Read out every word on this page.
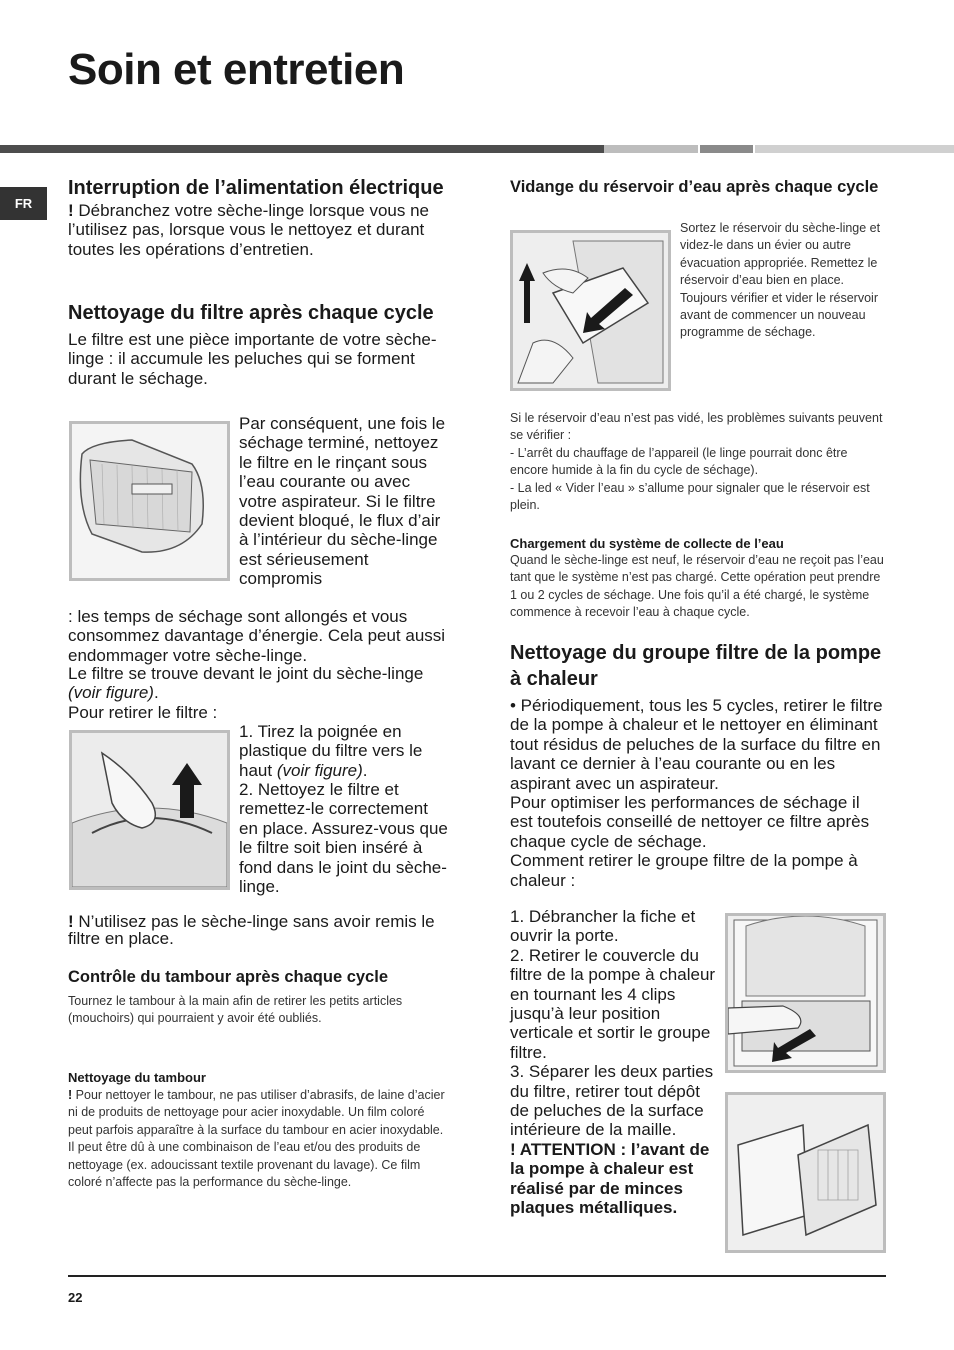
Soin et entretien
FR

Interruption de l’alimentation électrique

! Débranchez votre sèche-linge lorsque vous ne l’utilisez pas, lorsque vous le nettoyez et durant toutes les opérations d’entretien.

Nettoyage du filtre après chaque cycle

Le filtre est une pièce importante de votre sèche-linge : il accumule les peluches qui se forment durant le séchage.

Par conséquent, une fois le séchage terminé, nettoyez le filtre en le rinçant sous l’eau courante ou avec votre aspirateur. Si le filtre devient bloqué, le flux d’air à l’intérieur du sèche-linge est sérieusement compromis

: les temps de séchage sont allongés et vous consommez davantage d’énergie. Cela peut aussi endommager votre sèche-linge.

Le filtre se trouve devant le joint du sèche-linge (voir figure).

Pour retirer le filtre :

1. Tirez la poignée en plastique du filtre vers le haut (voir figure).

2. Nettoyez le filtre et remettez-le correctement en place. Assurez-vous que le filtre soit bien inséré à fond dans le joint du sèche-linge.

! N’utilisez pas le sèche-linge sans avoir remis le filtre en place.

Contrôle du tambour après chaque cycle

Tournez le tambour à la main afin de retirer les petits articles (mouchoirs) qui pourraient y avoir été oubliés.

Nettoyage du tambour

! Pour nettoyer le tambour, ne pas utiliser d’abrasifs, de laine d’acier ni de produits de nettoyage pour acier inoxydable. Un film coloré peut parfois apparaître à la surface du tambour en acier inoxydable. Il peut être dû à une combinaison de l’eau et/ou des produits de nettoyage (ex. adoucissant textile provenant du lavage). Ce film coloré n’affecte pas la performance du sèche-linge.

Vidange du réservoir d’eau après chaque cycle

Sortez le réservoir du sèche-linge et videz-le dans un évier ou autre évacuation appropriée. Remettez le réservoir d’eau bien en place. Toujours vérifier et vider le réservoir avant de commencer un nouveau programme de séchage.

Si le réservoir d’eau n’est pas vidé, les problèmes suivants peuvent se vérifier :

- L’arrêt du chauffage de l’appareil (le linge pourrait donc être encore humide à la fin du cycle de séchage).

- La led « Vider l’eau » s’allume pour signaler que le réservoir est plein.

Chargement du système de collecte de l’eau

Quand le sèche-linge est neuf, le réservoir d’eau ne reçoit pas l’eau tant que le système n’est pas chargé. Cette opération peut prendre 1 ou 2 cycles de séchage. Une fois qu’il a été chargé, le système commence à recevoir l’eau à chaque cycle.

Nettoyage du groupe filtre de la pompe à chaleur

• Périodiquement, tous les 5 cycles, retirer le filtre de la pompe à chaleur et le nettoyer en éliminant tout résidus de peluches de la surface du filtre en lavant ce dernier à l’eau courante ou en les aspirant avec un aspirateur.

Pour optimiser les performances de séchage il est toutefois conseillé de nettoyer ce filtre après chaque cycle de séchage.

Comment retirer le groupe filtre de la pompe à chaleur :

1. Débrancher la fiche et ouvrir la porte.

2. Retirer le couvercle du filtre de la pompe à chaleur en tournant les 4 clips jusqu’à leur position verticale et sortir le groupe filtre.

3. Séparer les deux parties du filtre, retirer tout dépôt de peluches de la surface intérieure de la maille.

! ATTENTION : l’avant de la pompe à chaleur est réalisé par de minces plaques métalliques.

22
